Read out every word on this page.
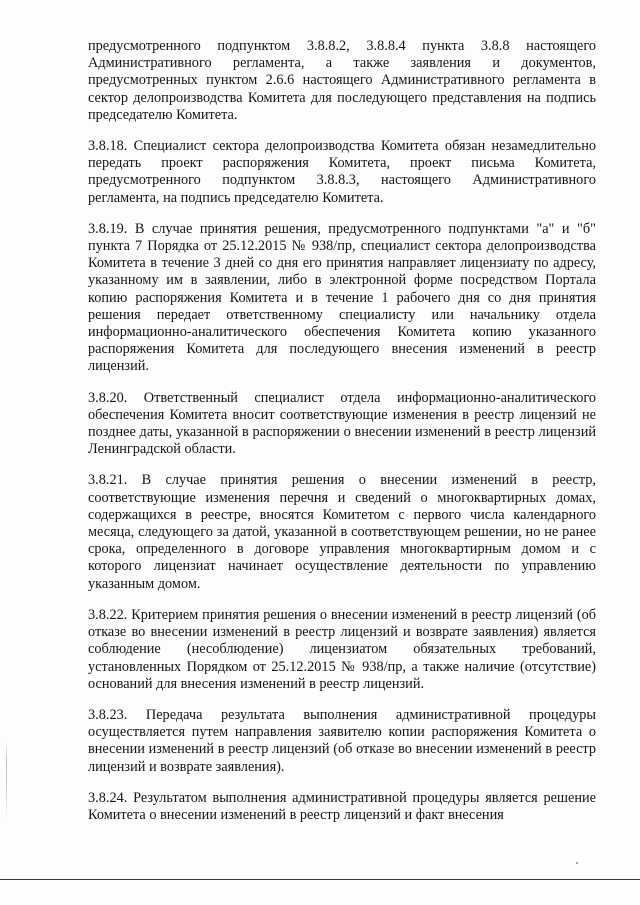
предусмотренного подпунктом 3.8.8.2, 3.8.8.4 пункта 3.8.8 настоящего Административного регламента, а также заявления и документов, предусмотренных пунктом 2.6.6 настоящего Административного регламента в сектор делопроизводства Комитета для последующего представления на подпись председателю Комитета.

3.8.18. Специалист сектора делопроизводства Комитета обязан незамедлительно передать проект распоряжения Комитета, проект письма Комитета, предусмотренного подпунктом 3.8.8.3, настоящего Административного регламента, на подпись председателю Комитета.

3.8.19. В случае принятия решения, предусмотренного подпунктами "а" и "б" пункта 7 Порядка от 25.12.2015 № 938/пр, специалист сектора делопроизводства Комитета в течение 3 дней со дня его принятия направляет лицензиату по адресу, указанному им в заявлении, либо в электронной форме посредством Портала копию распоряжения Комитета и в течение 1 рабочего дня со дня принятия решения передает ответственному специалисту или начальнику отдела информационно-аналитического обеспечения Комитета копию указанного распоряжения Комитета для последующего внесения изменений в реестр лицензий.

3.8.20. Ответственный специалист отдела информационно-аналитического обеспечения Комитета вносит соответствующие изменения в реестр лицензий не позднее даты, указанной в распоряжении о внесении изменений в реестр лицензий Ленинградской области.

3.8.21. В случае принятия решения о внесении изменений в реестр, соответствующие изменения перечня и сведений о многоквартирных домах, содержащихся в реестре, вносятся Комитетом с первого числа календарного месяца, следующего за датой, указанной в соответствующем решении, но не ранее срока, определенного в договоре управления многоквартирным домом и с которого лицензиат начинает осуществление деятельности по управлению указанным домом.

3.8.22. Критерием принятия решения о внесении изменений в реестр лицензий (об отказе во внесении изменений в реестр лицензий и возврате заявления) является соблюдение (несоблюдение) лицензиатом обязательных требований, установленных Порядком от 25.12.2015 № 938/пр, а также наличие (отсутствие) оснований для внесения изменений в реестр лицензий.

3.8.23. Передача результата выполнения административной процедуры осуществляется путем направления заявителю копии распоряжения Комитета о внесении изменений в реестр лицензий (об отказе во внесении изменений в реестр лицензий и возврате заявления).

3.8.24. Результатом выполнения административной процедуры является решение Комитета о внесении изменений в реестр лицензий и факт внесения
